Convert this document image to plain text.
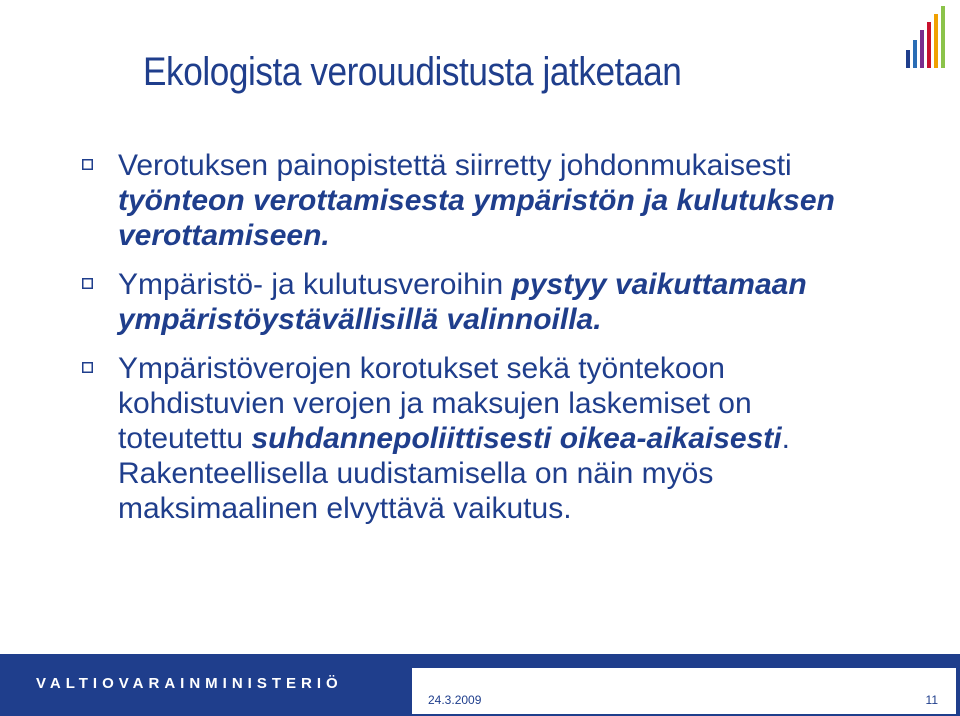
Ekologista verouudistusta jatketaan
Verotuksen painopistettä siirretty johdonmukaisesti työnteon verottamisesta ympäristön ja kulutuksen verottamiseen.
Ympäristö- ja kulutusveroihin pystyy vaikuttamaan ympäristöystävällisillä valinnoilla.
Ympäristöverojen korotukset sekä työntekoon kohdistuvien verojen ja maksujen laskemiset on toteutettu suhdannepoliittisesti oikea-aikaisesti. Rakenteellisella uudistamisella on näin myös maksimaalinen elvyttävä vaikutus.
VALTIOVARAINMINISTERIÖ
24.3.2009	11
